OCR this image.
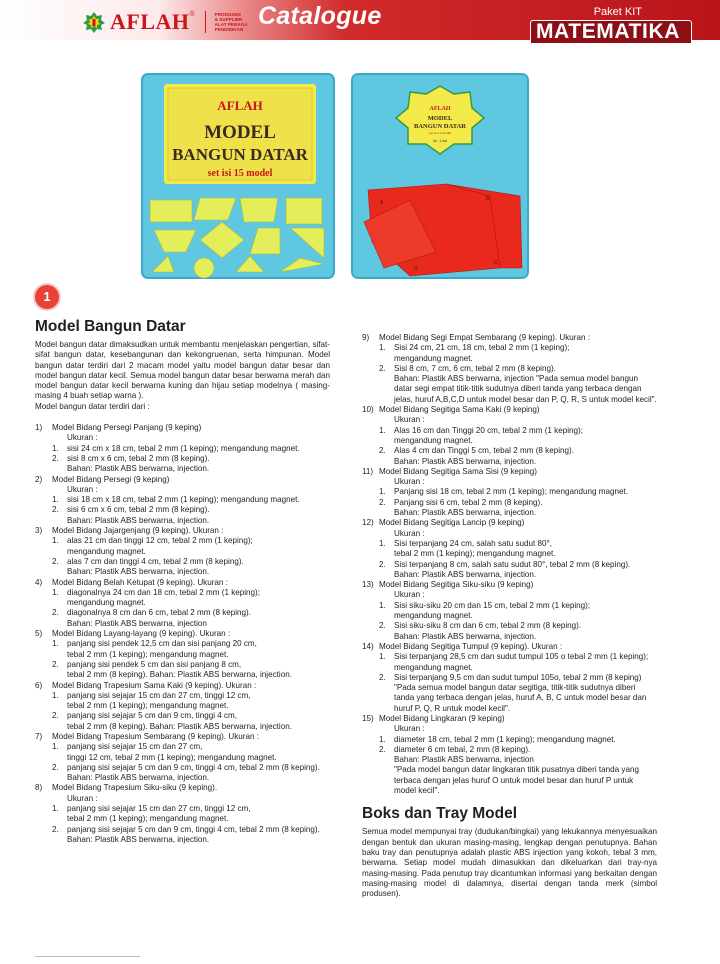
AFLAH ®	PRODUSEN
& SUPPLIER
ALAT PERAGA
PENDIDIKAN Catalogue	Paket KIT
MATEMATIKA
AFLAH
MODEL
BANGUN DATAR
set isi 15 model
AFLAH
MODEL
BANGUN DATAR
set isi 15 model
isi : 1 set
A
B
C
D
1
Model Bangun Datar
Model bangun datar dimaksudkan untuk membantu menjelaskan pengertian, sifat-sifat bangun datar, kesebangunan dan kekongruenan, serta himpunan. Model bangun datar terdiri dari 2 macam model yaitu model bangun datar besar dan model bangun datar kecil. Semua model bangun datar besar berwarna merah dan model bangun datar kecil berwarna kuning dan hijau setiap modelnya ( masing-masing 4 buah setiap warna ).
Model bangun datar terdiri dari :
1)	Model Bidang Persegi Panjang (9 keping)
Ukuran :
1.	sisi 24 cm x 18 cm, tebal 2 mm (1 keping); mengandung magnet.
2.	sisi 8 cm x 6 cm, tebal 2 mm (8 keping).
Bahan: Plastik ABS berwarna, injection.
2)	Model Bidang Persegi (9 keping)
Ukuran :
1.	sisi 18 cm x 18 cm, tebal 2 mm (1 keping); mengandung magnet.
2.	sisi 6 cm x 6 cm, tebal 2 mm (8 keping).
Bahan: Plastik ABS berwarna, injection.
3)	Model Bidang Jajargenjang (9 keping). Ukuran :
1.	alas 21 cm dan tinggi 12 cm, tebal 2 mm (1 keping);
mengandung magnet.
2.	alas 7 cm dan tinggi 4 cm, tebal 2 mm (8 keping).
Bahan: Plastik ABS berwarna, injection.
4)	Model Bidang Belah Ketupat (9 keping). Ukuran :
1.	diagonalnya 24 cm dan 18 cm, tebal 2 mm (1 keping);
mengandung magnet.
2.	diagonalnya 8 cm dan 6 cm, tebal 2 mm (8 keping).
Bahan: Plastik ABS berwarna, injection
5)	Model Bidang Layang-layang (9 keping). Ukuran :
1.	panjang sisi pendek 12,5 cm dan sisi panjang 20 cm,
tebal 2 mm (1 keping); mengandung magnet.
2.	panjang sisi pendek 5 cm dan sisi panjang 8 cm,
tebal 2 mm (8 keping). Bahan: Plastik ABS berwarna, injection.
6)	Model Bidang Trapesium Sama Kaki (9 keping). Ukuran :
1.	panjang sisi sejajar 15 cm dan 27 cm, tinggi 12 cm,
tebal 2 mm (1 keping); mengandung magnet.
2.	panjang sisi sejajar 5 cm dan 9 cm, tinggi 4 cm,
tebal 2 mm (8 keping). Bahan: Plastik ABS berwarna, injection.
7)	Model Bidang Trapesium Sembarang (9 keping). Ukuran :
1.	panjang sisi sejajar 15 cm dan 27 cm,
tinggi 12 cm, tebal 2 mm (1 keping); mengandung magnet.
2.	panjang sisi sejajar 5 cm dan 9 cm, tinggi 4 cm, tebal 2 mm (8 keping).
Bahan: Plastik ABS berwarna, injection.
8)	Model Bidang Trapesium Siku-siku (9 keping).
Ukuran :
1.	panjang sisi sejajar 15 cm dan 27 cm, tinggi 12 cm,
tebal 2 mm (1 keping); mengandung magnet.
2.	panjang sisi sejajar 5 cm dan 9 cm, tinggi 4 cm, tebal 2 mm (8 keping).
Bahan: Plastik ABS berwarna, injection.
9)	Model Bidang Segi Empat Sembarang (9 keping). Ukuran :
1.	Sisi 24 cm, 21 cm, 18 cm, tebal 2 mm (1 keping);
mengandung magnet.
2.	Sisi 8 cm, 7 cm, 6 cm, tebal 2 mm (8 keping).
Bahan: Plastik ABS berwarna, injection "Pada semua model bangun datar segi empat titik-titik sudutnya diberi tanda yang terbaca dengan jelas, huruf A,B,C,D untuk model besar dan P, Q, R, S untuk model kecil".
10) Model Bidang Segitiga Sama Kaki (9 keping)
Ukuran :
1.	Alas 16 cm dan Tinggi 20 cm, tebal 2 mm (1 keping);
mengandung magnet.
2.	Alas 4 cm dan Tinggi 5 cm, tebal 2 mm (8 keping).
Bahan: Plastik ABS berwarna, injection.
11) Model Bidang Segitiga Sama Sisi (9 keping)
Ukuran :
1.	Panjang sisi 18 cm, tebal 2 mm (1 keping); mengandung magnet.
2.	Panjang sisi 6 cm, tebal 2 mm (8 keping).
Bahan: Plastik ABS berwarna, injection.
12) Model Bidang Segitiga Lancip (9 keping)
Ukuran :
1.	Sisi terpanjang 24 cm, salah satu sudut 80°,
tebal 2 mm (1 keping); mengandung magnet.
2.	Sisi terpanjang 8 cm, salah satu sudut 80°, tebal 2 mm (8 keping).
Bahan: Plastik ABS berwarna, injection.
13) Model Bidang Segitiga Siku-siku (9 keping)
Ukuran :
1.	Sisi siku-siku 20 cm dan 15 cm, tebal 2 mm (1 keping);
mengandung magnet.
2.	Sisi siku-siku 8 cm dan 6 cm, tebal 2 mm (8 keping).
Bahan: Plastik ABS berwarna, injection.
14) Model Bidang Segitiga Tumpul (9 keping). Ukuran :
1.	Sisi terpanjang 28,5 cm dan sudut tumpul 105 o tebal 2 mm (1 keping);
mengandung magnet.
2.	Sisi terpanjang 9,5 cm dan sudut tumpul 105o, tebal 2 mm (8 keping)
"Pada semua model bangun datar segitiga, titik-titik sudutnya diberi tanda yang terbaca dengan jelas, huruf A, B, C untuk model besar dan huruf P, Q, R untuk model kecil".
15) Model Bidang Lingkaran (9 keping)
Ukuran :
1.	diameter 18 cm, tebal 2 mm (1 keping); mengandung magnet.
2.	diameter 6 cm tebal, 2 mm (8 keping).
Bahan: Plastik ABS berwarna, injection
"Pada model bangun datar lingkaran titik pusatnya diberi tanda yang terbaca dengan jelas huruf O untuk model besar dan huruf P untuk model kecil".
Boks dan Tray Model
Semua model mempunyai tray (dudukan/bingkai) yang lekukannya menyesuaikan dengan bentuk dan ukuran masing-masing, lengkap dengan penutupnya. Bahan baku tray dan penutupnya adalah plastic ABS injection yang kokoh, tebal 3 mm, berwarna. Setiap model mudah dimasukkan dan dikeluarkan dari tray-nya masing-masing. Pada penutup tray dicantumkan informasi yang berkaitan dengan masing-masing model di dalamnya, disertai dengan tanda merk (simbol produsen).
